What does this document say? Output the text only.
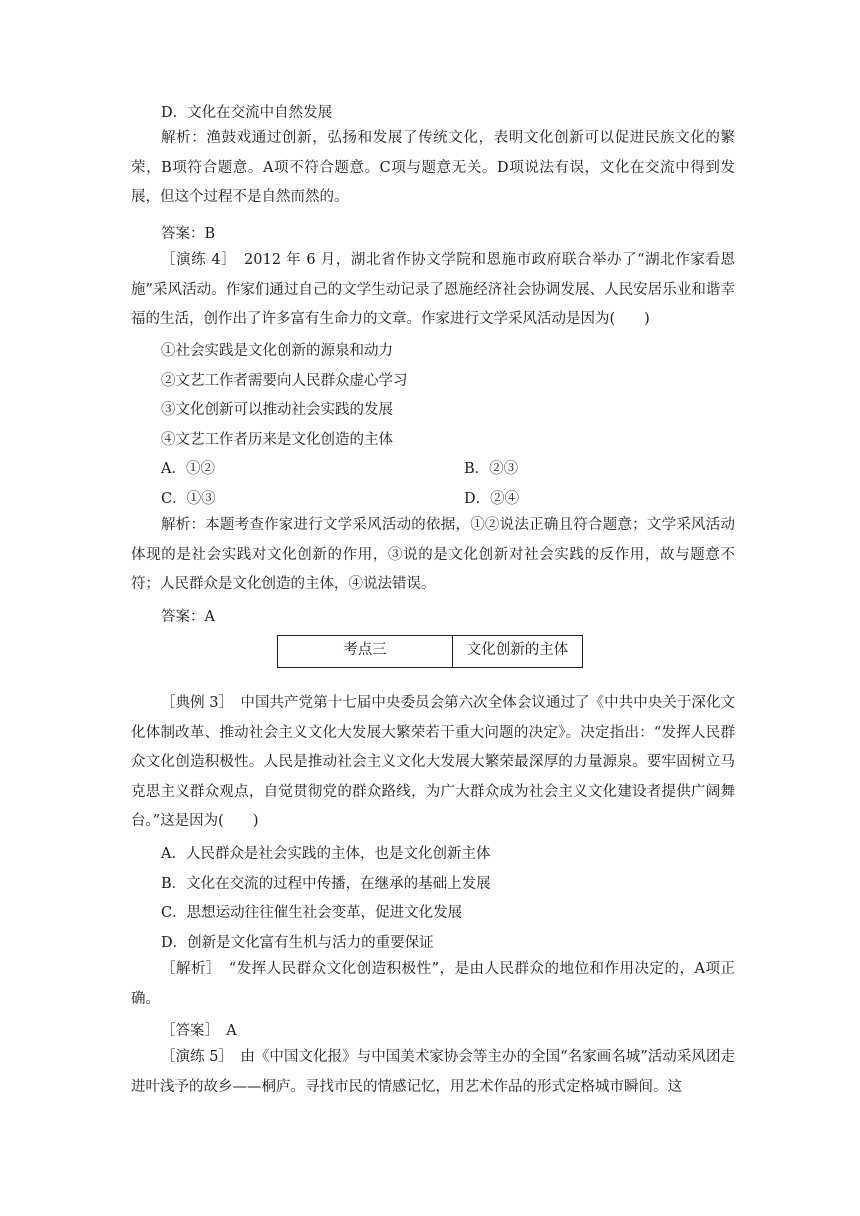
D．文化在交流中自然发展
解析：渔鼓戏通过创新，弘扬和发展了传统文化，表明文化创新可以促进民族文化的繁荣，B项符合题意。A项不符合题意。C项与题意无关。D项说法有误，文化在交流中得到发展，但这个过程不是自然而然的。
答案：B
［演练 4］　2012 年 6 月，湖北省作协文学院和恩施市政府联合举办了“湖北作家看恩施”采风活动。作家们通过自己的文学生动记录了恩施经济社会协调发展、人民安居乐业和谐幸福的生活，创作出了许多富有生命力的文章。作家进行文学采风活动是因为(　　)
①社会实践是文化创新的源泉和动力
②文艺工作者需要向人民群众虚心学习
③文化创新可以推动社会实践的发展
④文艺工作者历来是文化创造的主体
A．①②	B．②③
C．①③	D．②④
解析：本题考查作家进行文学采风活动的依据，①②说法正确且符合题意；文学采风活动体现的是社会实践对文化创新的作用，③说的是文化创新对社会实践的反作用，故与题意不符；人民群众是文化创造的主体，④说法错误。
答案：A
考点三	文化创新的主体
［典例 3］　中国共产党第十七届中央委员会第六次全体会议通过了《中共中央关于深化文化体制改革、推动社会主义文化大发展大繁荣若干重大问题的决定》。决定指出：“发挥人民群众文化创造积极性。人民是推动社会主义文化大发展大繁荣最深厚的力量源泉。要牢固树立马克思主义群众观点，自觉贯彻党的群众路线，为广大群众成为社会主义文化建设者提供广阔舞台。”这是因为(　　)
A．人民群众是社会实践的主体，也是文化创新主体
B．文化在交流的过程中传播，在继承的基础上发展
C．思想运动往往催生社会变革，促进文化发展
D．创新是文化富有生机与活力的重要保证
［解析］　“发挥人民群众文化创造积极性”，是由人民群众的地位和作用决定的，A项正确。
［答案］　A
［演练 5］　由《中国文化报》与中国美术家协会等主办的全国“名家画名城”活动采风团走进叶浅予的故乡——桐庐。寻找市民的情感记忆，用艺术作品的形式定格城市瞬间。这
